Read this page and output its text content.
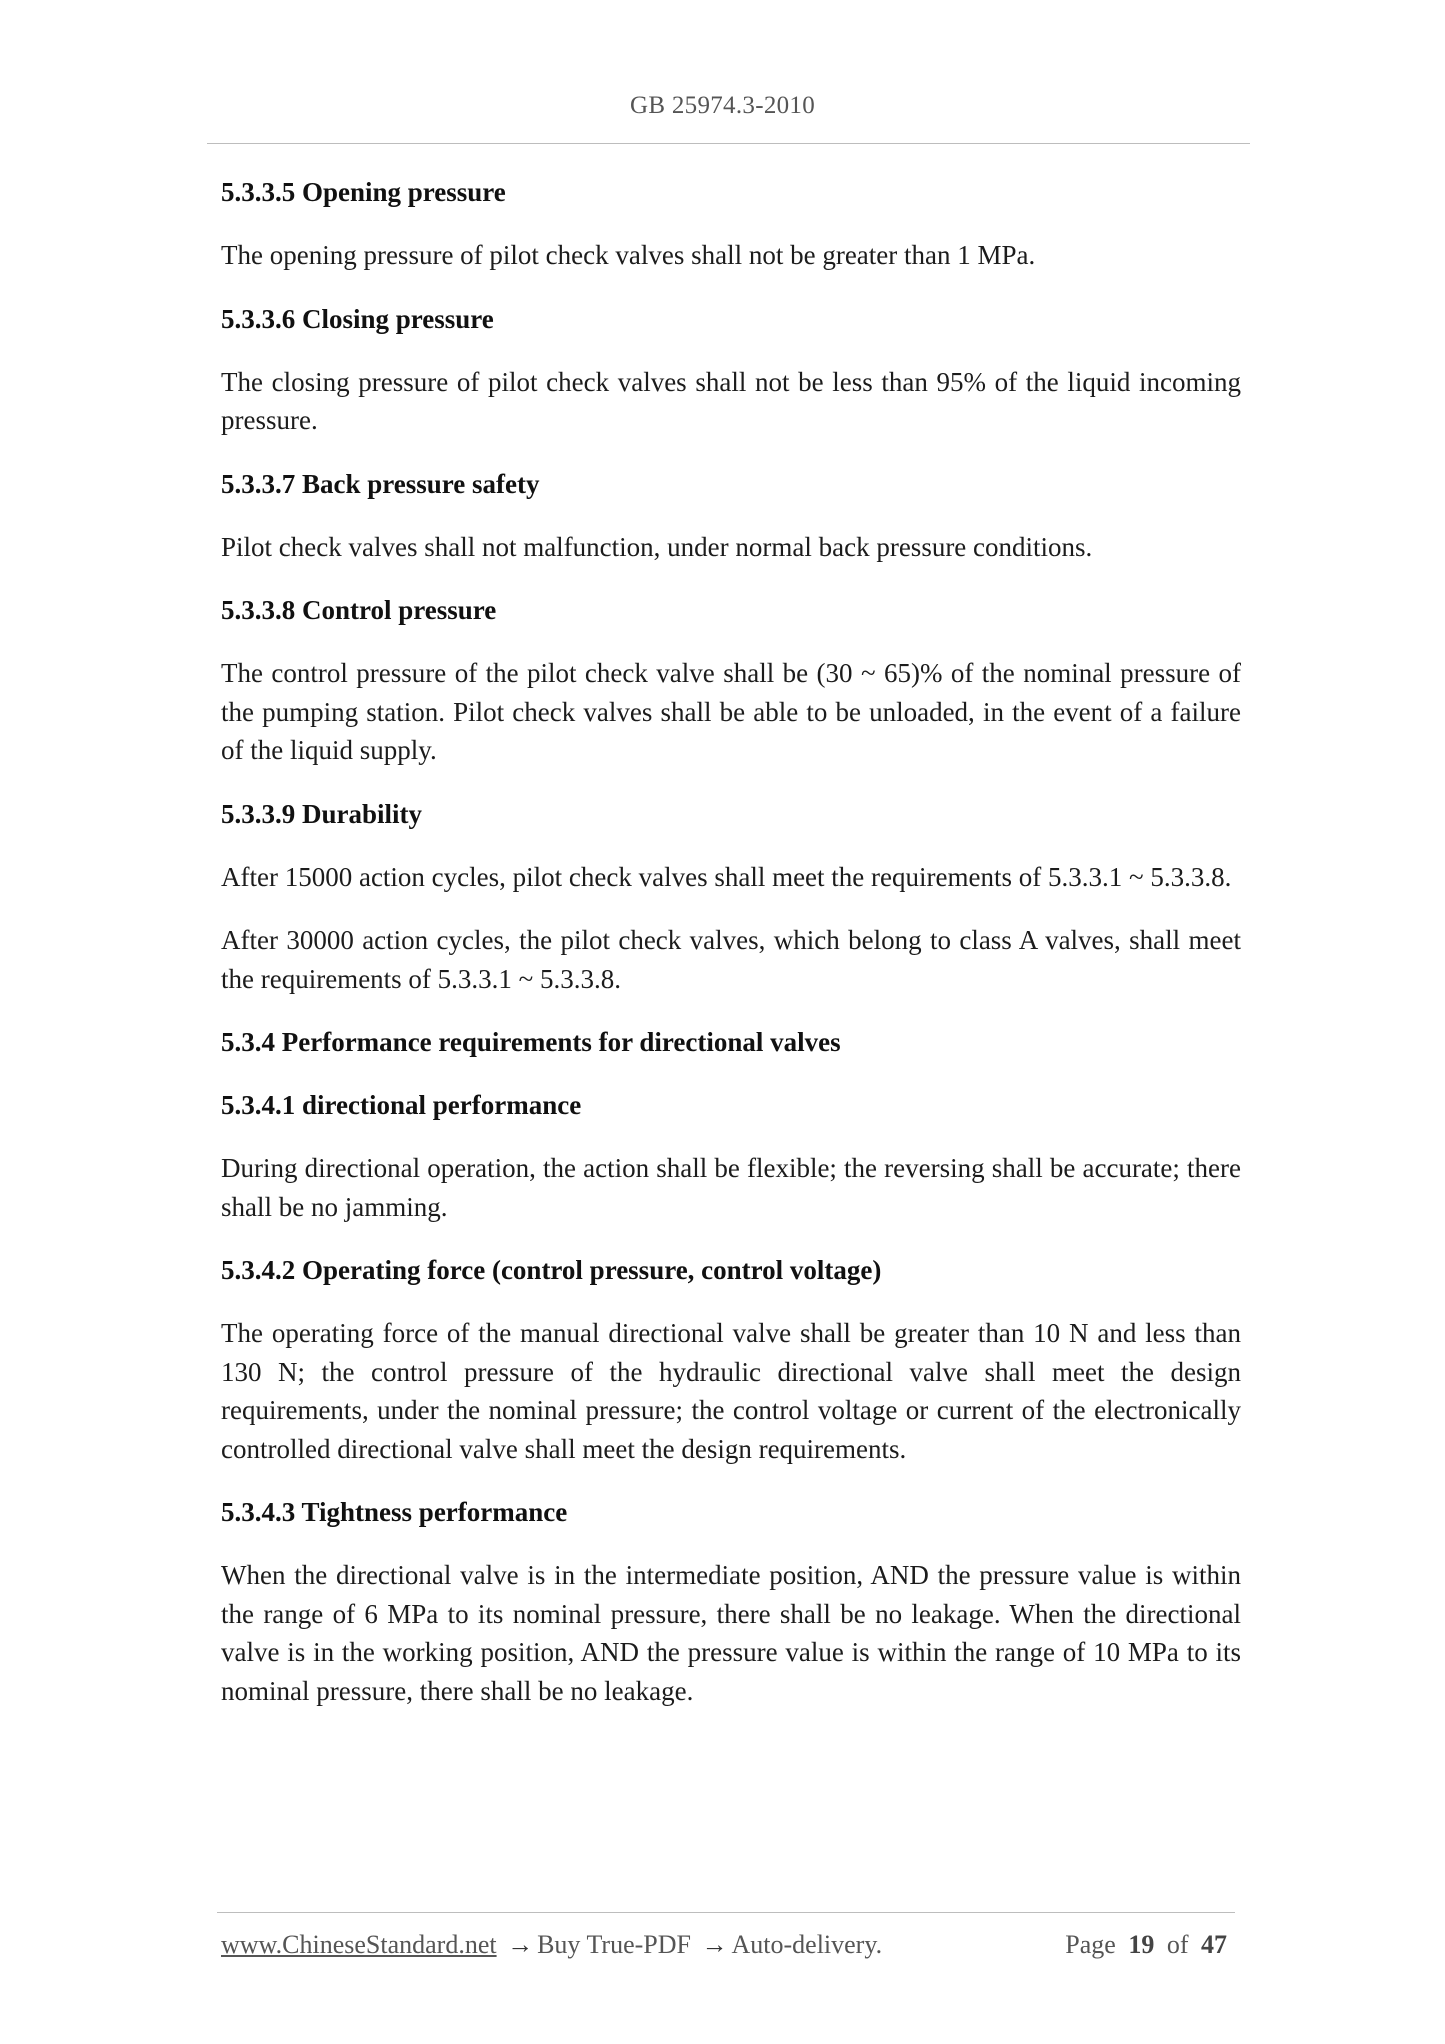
GB 25974.3-2010
5.3.3.5 Opening pressure

The opening pressure of pilot check valves shall not be greater than 1 MPa.

5.3.3.6 Closing pressure

The closing pressure of pilot check valves shall not be less than 95% of the liquid incoming pressure.

5.3.3.7 Back pressure safety

Pilot check valves shall not malfunction, under normal back pressure conditions.

5.3.3.8 Control pressure

The control pressure of the pilot check valve shall be (30 ~ 65)% of the nominal pressure of the pumping station. Pilot check valves shall be able to be unloaded, in the event of a failure of the liquid supply.

5.3.3.9 Durability

After 15000 action cycles, pilot check valves shall meet the requirements of 5.3.3.1 ~ 5.3.3.8.

After 30000 action cycles, the pilot check valves, which belong to class A valves, shall meet the requirements of 5.3.3.1 ~ 5.3.3.8.

5.3.4 Performance requirements for directional valves
5.3.4.1 directional performance

During directional operation, the action shall be flexible; the reversing shall be accurate; there shall be no jamming.

5.3.4.2 Operating force (control pressure, control voltage)

The operating force of the manual directional valve shall be greater than 10 N and less than 130 N; the control pressure of the hydraulic directional valve shall meet the design requirements, under the nominal pressure; the control voltage or current of the electronically controlled directional valve shall meet the design requirements.

5.3.4.3 Tightness performance

When the directional valve is in the intermediate position, AND the pressure value is within the range of 6 MPa to its nominal pressure, there shall be no leakage. When the directional valve is in the working position, AND the pressure value is within the range of 10 MPa to its nominal pressure, there shall be no leakage.

www.ChineseStandard.net → Buy True-PDF → Auto-delivery.	Page 19 of 47
